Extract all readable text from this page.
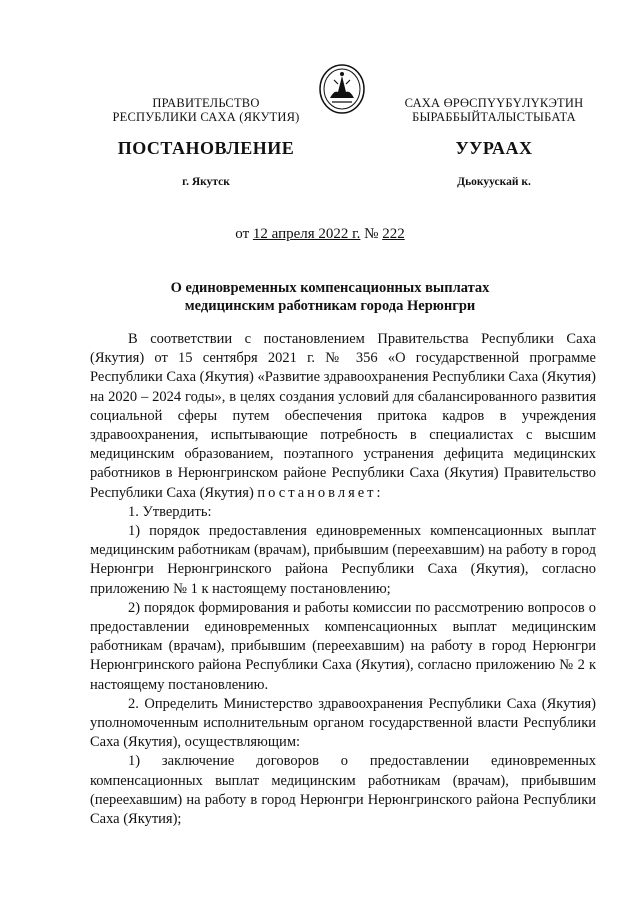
ПРАВИТЕЛЬСТВО
РЕСПУБЛИКИ САХА (ЯКУТИЯ)
САХА ӨРӨСПҮҮБҮЛҮКЭТИН
БЫРАББЫЙТАЛЫСТЫБАТА
ПОСТАНОВЛЕНИЕ	УУРААХ
г. Якутск	Дьокуускай к.
от 12 апреля 2022 г. № 222
О единовременных компенсационных выплатах
медицинским работникам города Нерюнгри

В соответствии с постановлением Правительства Республики Саха (Якутия) от 15 сентября 2021 г. № 356 «О государственной программе Республики Саха (Якутия) «Развитие здравоохранения Республики Саха (Якутия) на 2020 – 2024 годы», в целях создания условий для сбалансированного развития социальной сферы путем обеспечения притока кадров в учреждения здравоохранения, испытывающие потребность в специалистах с высшим медицинским образованием, поэтапного устранения дефицита медицинских работников в Нерюнгринском районе Республики Саха (Якутия) Правительство Республики Саха (Якутия) постановляет:

1. Утвердить:

1) порядок предоставления единовременных компенсационных выплат медицинским работникам (врачам), прибывшим (переехавшим) на работу в город Нерюнгри Нерюнгринского района Республики Саха (Якутия), согласно приложению № 1 к настоящему постановлению;

2) порядок формирования и работы комиссии по рассмотрению вопросов о предоставлении единовременных компенсационных выплат медицинским работникам (врачам), прибывшим (переехавшим) на работу в город Нерюнгри Нерюнгринского района Республики Саха (Якутия), согласно приложению № 2 к настоящему постановлению.

2. Определить Министерство здравоохранения Республики Саха (Якутия) уполномоченным исполнительным органом государственной власти Республики Саха (Якутия), осуществляющим:

1) заключение договоров о предоставлении единовременных компенсационных выплат медицинским работникам (врачам), прибывшим (переехавшим) на работу в город Нерюнгри Нерюнгринского района Республики Саха (Якутия);
